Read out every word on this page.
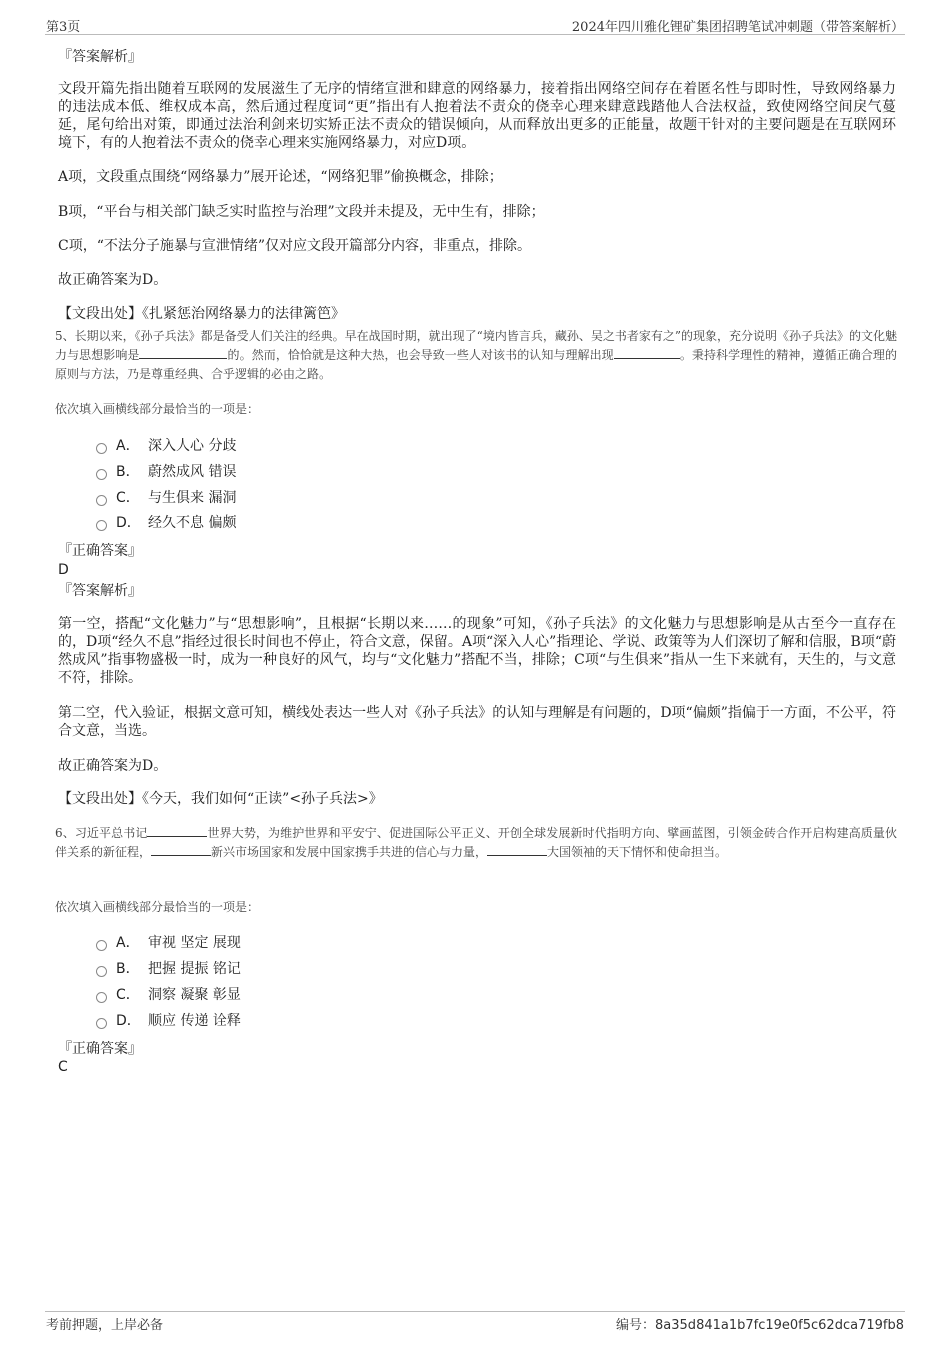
第3页	2024年四川雅化锂矿集团招聘笔试冲刺题（带答案解析）
『答案解析』
文段开篇先指出随着互联网的发展滋生了无序的情绪宣泄和肆意的网络暴力，接着指出网络空间存在着匿名性与即时性，导致网络暴力的违法成本低、维权成本高，然后通过程度词“更”指出有人抱着法不责众的侥幸心理来肆意践踏他人合法权益，致使网络空间戾气蔓延，尾句给出对策，即通过法治利剑来切实矫正法不责众的错误倾向，从而释放出更多的正能量，故题干针对的主要问题是在互联网环境下，有的人抱着法不责众的侥幸心理来实施网络暴力，对应D项。
A项，文段重点围绕“网络暴力”展开论述，“网络犯罪”偷换概念，排除；
B项，“平台与相关部门缺乏实时监控与治理”文段并未提及，无中生有，排除；
C项，“不法分子施暴与宣泄情绪”仅对应文段开篇部分内容，非重点，排除。
故正确答案为D。
【文段出处】《扎紧惩治网络暴力的法律篱笆》
5、长期以来，《孙子兵法》都是备受人们关注的经典。早在战国时期，就出现了“境内皆言兵，藏孙、吴之书者家有之”的现象，充分说明《孙子兵法》的文化魅力与思想影响是	的。然而，恰恰就是这种大热，也会导致一些人对该书的认知与理解出现	。秉持科学理性的精神，遵循正确合理的原则与方法，乃是尊重经典、合乎逻辑的必由之路。
依次填入画横线部分最恰当的一项是：
A． 深入人心 分歧
B． 蔚然成风 错误
C． 与生俱来 漏洞
D． 经久不息 偏颇
『正确答案』
D
『答案解析』
第一空，搭配“文化魅力”与“思想影响”，且根据“长期以来……的现象”可知，《孙子兵法》的文化魅力与思想影响是从古至今一直存在的，D项“经久不息”指经过很长时间也不停止，符合文意，保留。A项“深入人心”指理论、学说、政策等为人们深切了解和信服，B项“蔚然成风”指事物盛极一时，成为一种良好的风气，均与“文化魅力”搭配不当，排除；C项“与生俱来”指从一生下来就有，天生的，与文意不符，排除。
第二空，代入验证，根据文意可知，横线处表达一些人对《孙子兵法》的认知与理解是有问题的，D项“偏颇”指偏于一方面，不公平，符合文意，当选。
故正确答案为D。
【文段出处】《今天，我们如何“正读”<孙子兵法>》
6、习近平总书记	世界大势，为维护世界和平安宁、促进国际公平正义、开创全球发展新时代指明方向、擘画蓝图，引领金砖合作开启构建高质量伙伴关系的新征程，	新兴市场国家和发展中国家携手共进的信心与力量，	大国领袖的天下情怀和使命担当。
依次填入画横线部分最恰当的一项是：
A． 审视 坚定 展现
B． 把握 提振 铭记
C． 洞察 凝聚 彰显
D． 顺应 传递 诠释
『正确答案』
C
考前押题，上岸必备	编号：8a35d841a1b7fc19e0f5c62dca719fb8
